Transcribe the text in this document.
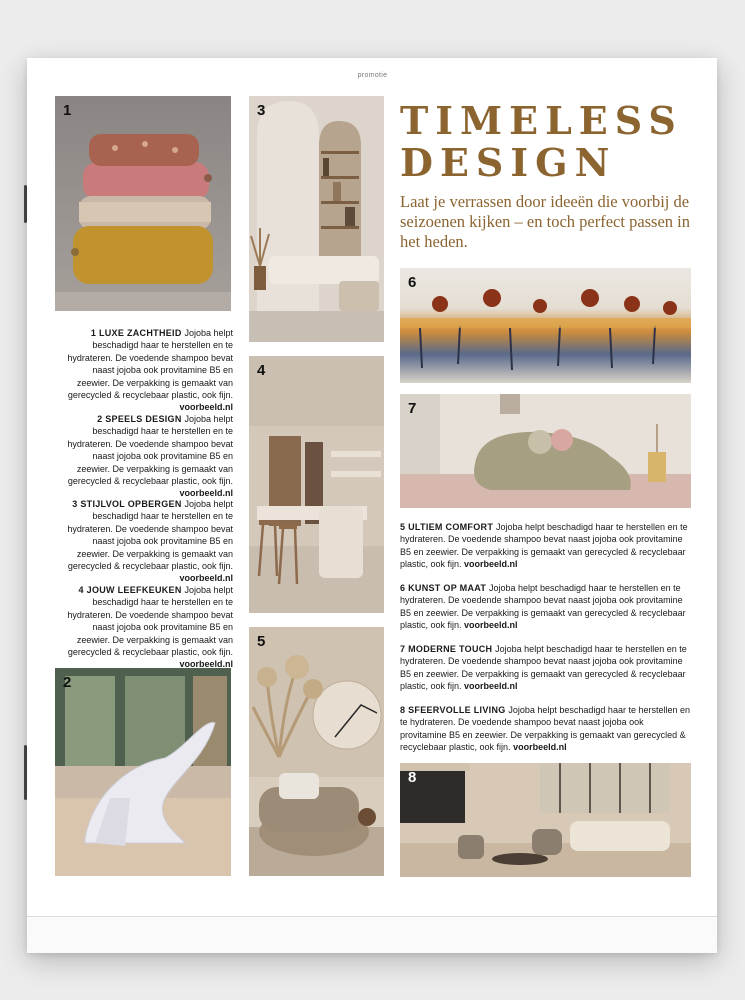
promotie
1
2
3
4
5
6
7
8
TIMELESS
DESIGN
Laat je verrassen door ideeën die voorbij de seizoenen kijken – en toch perfect passen in het heden.
1 LUXE ZACHTHEID Jojoba helpt beschadigd haar te herstellen en te hydrateren. De voedende shampoo bevat naast jojoba ook provitamine B5 en zeewier. De verpakking is gemaakt van gerecycled & recyclebaar plastic, ook fijn. voorbeeld.nl
2 SPEELS DESIGN Jojoba helpt beschadigd haar te herstellen en te hydrateren. De voedende shampoo bevat naast jojoba ook provitamine B5 en zeewier. De verpakking is gemaakt van gerecycled & recyclebaar plastic, ook fijn. voorbeeld.nl
3 STIJLVOL OPBERGEN Jojoba helpt beschadigd haar te herstellen en te hydrateren. De voedende shampoo bevat naast jojoba ook provitamine B5 en zeewier. De verpakking is gemaakt van gerecycled & recyclebaar plastic, ook fijn. voorbeeld.nl
4 JOUW LEEFKEUKEN Jojoba helpt beschadigd haar te herstellen en te hydrateren. De voedende shampoo bevat naast jojoba ook provitamine B5 en zeewier. De verpakking is gemaakt van gerecycled & recyclebaar plastic, ook fijn. voorbeeld.nl
5 ULTIEM COMFORT Jojoba helpt beschadigd haar te herstellen en te hydrateren. De voedende shampoo bevat naast jojoba ook provitamine B5 en zeewier. De verpakking is gemaakt van gerecycled & recyclebaar plastic, ook fijn. voorbeeld.nl
6 KUNST OP MAAT Jojoba helpt beschadigd haar te herstellen en te hydrateren. De voedende shampoo bevat naast jojoba ook provitamine B5 en zeewier. De verpakking is gemaakt van gerecycled & recyclebaar plastic, ook fijn. voorbeeld.nl
7 MODERNE TOUCH Jojoba helpt beschadigd haar te herstellen en te hydrateren. De voedende shampoo bevat naast jojoba ook provitamine B5 en zeewier. De verpakking is gemaakt van gerecycled & recyclebaar plastic, ook fijn. voorbeeld.nl
8 SFEERVOLLE LIVING Jojoba helpt beschadigd haar te herstellen en te hydrateren. De voedende shampoo bevat naast jojoba ook provitamine B5 en zeewier. De verpakking is gemaakt van gerecycled & recyclebaar plastic, ook fijn. voorbeeld.nl
